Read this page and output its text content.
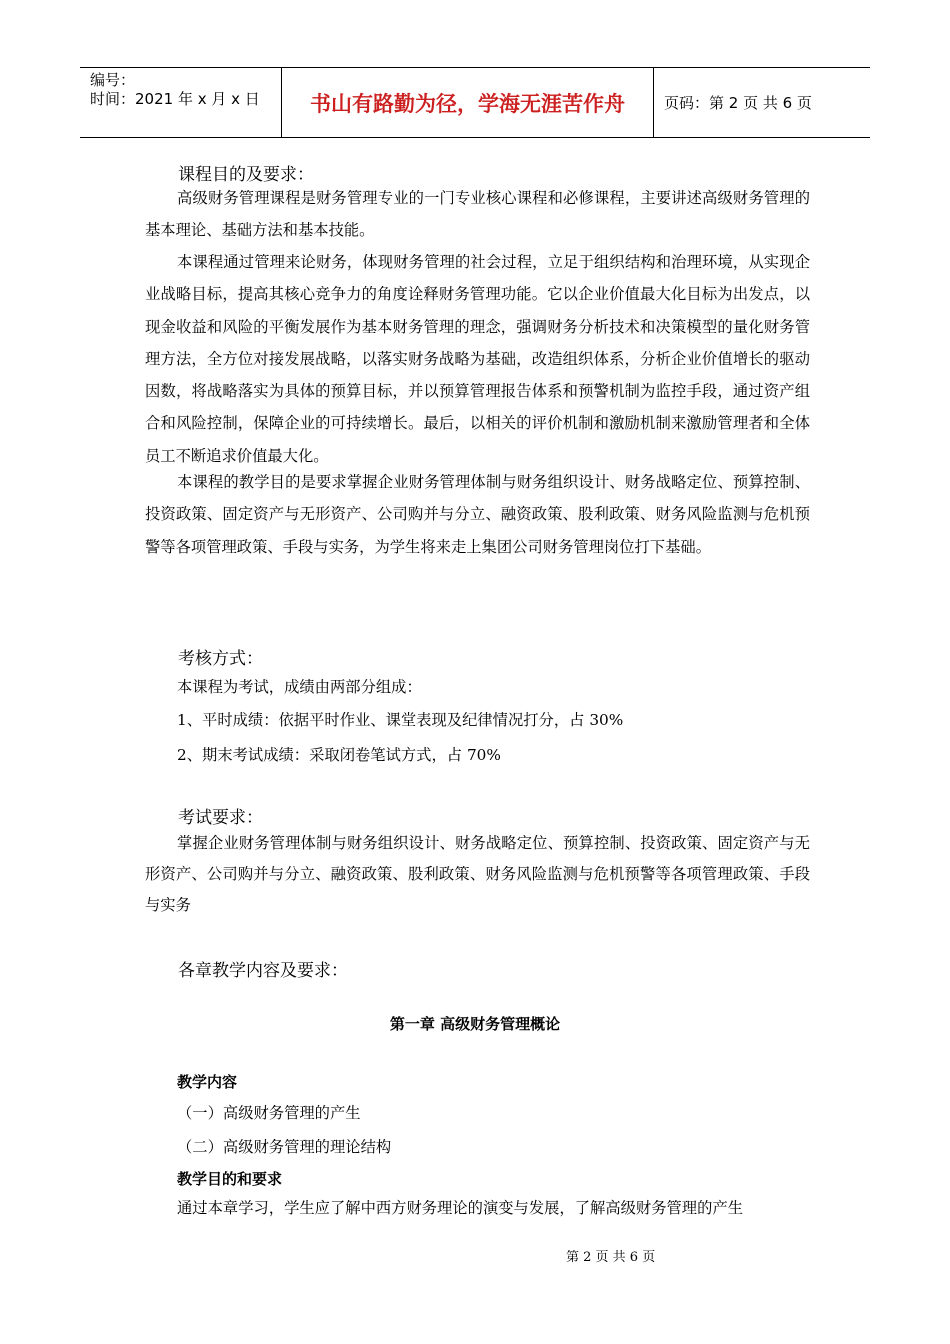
编号：
时间：2021 年 x 月 x 日	书山有路勤为径，学海无涯苦作舟	页码：第 2 页 共 6 页
课程目的及要求：
高级财务管理课程是财务管理专业的一门专业核心课程和必修课程，主要讲述高级财务管理的基本理论、基础方法和基本技能。
本课程通过管理来论财务，体现财务管理的社会过程，立足于组织结构和治理环境，从实现企业战略目标，提高其核心竞争力的角度诠释财务管理功能。它以企业价值最大化目标为出发点，以现金收益和风险的平衡发展作为基本财务管理的理念，强调财务分析技术和决策模型的量化财务管理方法，全方位对接发展战略，以落实财务战略为基础，改造组织体系，分析企业价值增长的驱动因数，将战略落实为具体的预算目标，并以预算管理报告体系和预警机制为监控手段，通过资产组合和风险控制，保障企业的可持续增长。最后，以相关的评价机制和激励机制来激励管理者和全体员工不断追求价值最大化。
本课程的教学目的是要求掌握企业财务管理体制与财务组织设计、财务战略定位、预算控制、投资政策、固定资产与无形资产、公司购并与分立、融资政策、股利政策、财务风险监测与危机预警等各项管理政策、手段与实务，为学生将来走上集团公司财务管理岗位打下基础。
考核方式：
本课程为考试，成绩由两部分组成：
1、平时成绩：依据平时作业、课堂表现及纪律情况打分，占 30%
2、期末考试成绩：采取闭卷笔试方式，占 70%
考试要求：
掌握企业财务管理体制与财务组织设计、财务战略定位、预算控制、投资政策、固定资产与无形资产、公司购并与分立、融资政策、股利政策、财务风险监测与危机预警等各项管理政策、手段与实务
各章教学内容及要求：
第一章 高级财务管理概论
教学内容
（一）高级财务管理的产生
（二）高级财务管理的理论结构
教学目的和要求
通过本章学习，学生应了解中西方财务理论的演变与发展，了解高级财务管理的产生
第 2 页 共 6 页
